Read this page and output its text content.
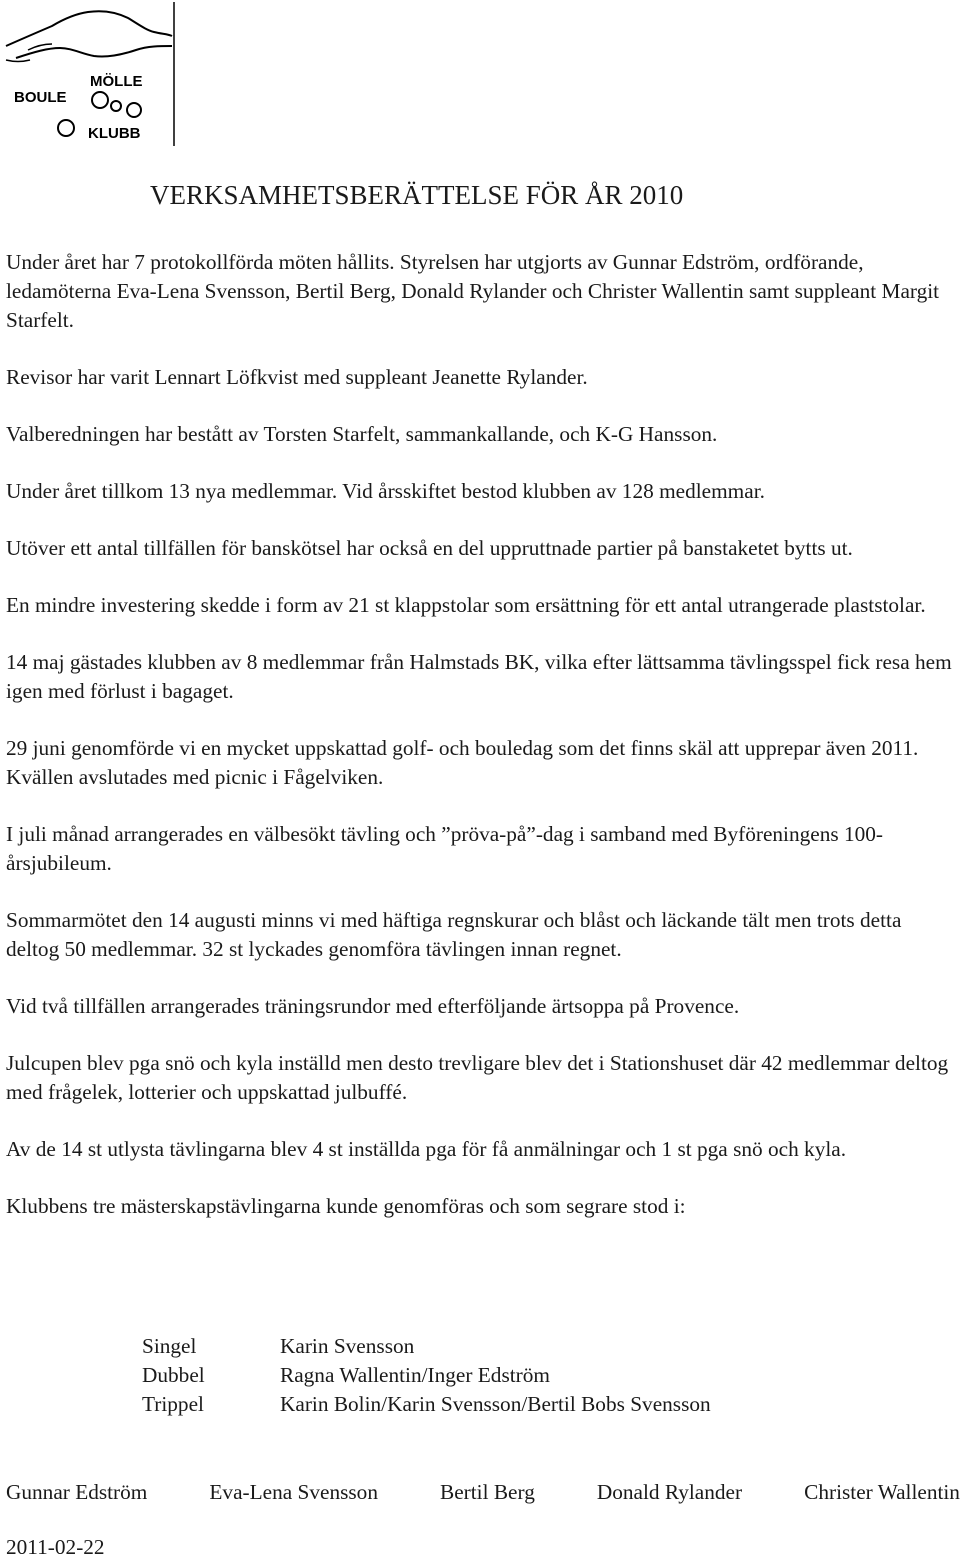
MÖLLE
BOULE
KLUBB
VERKSAMHETSBERÄTTELSE FÖR ÅR 2010

Under året har 7 protokollförda möten hållits. Styrelsen har utgjorts av Gunnar Edström, ordförande, ledamöterna Eva-Lena Svensson, Bertil Berg, Donald Rylander och Christer Wallentin samt suppleant Margit Starfelt.

Revisor har varit Lennart Löfkvist med suppleant Jeanette Rylander.

Valberedningen har bestått av Torsten Starfelt, sammankallande, och K-G Hansson.

Under året tillkom 13 nya medlemmar. Vid årsskiftet bestod klubben av 128 medlemmar.

Utöver ett antal tillfällen för banskötsel har också en del uppruttnade partier på banstaketet bytts ut.

En mindre investering skedde i form av 21 st klappstolar som ersättning för ett antal utrangerade plaststolar.

14 maj gästades klubben av 8 medlemmar från Halmstads BK, vilka efter lättsamma tävlingsspel fick resa hem igen med förlust i bagaget.

29 juni genomförde vi en mycket uppskattad golf- och bouledag som det finns skäl att upprepar även 2011. Kvällen avslutades med picnic i Fågelviken.

I juli månad arrangerades en välbesökt tävling och ”pröva-på”-dag i samband med Byföreningens 100-årsjubileum.

Sommarmötet den 14 augusti minns vi med häftiga regnskurar och blåst och läckande tält men trots detta deltog 50 medlemmar. 32 st lyckades genomföra tävlingen innan regnet.

Vid två tillfällen arrangerades träningsrundor med efterföljande ärtsoppa på Provence.

Julcupen blev pga snö och kyla inställd men desto trevligare blev det i Stationshuset där 42 medlemmar deltog med frågelek, lotterier och uppskattad julbuffé.

Av de 14 st utlysta tävlingarna blev 4 st inställda pga för få anmälningar och 1 st pga snö och kyla.

Klubbens tre mästerskapstävlingarna kunde genomföras och som segrare stod i:

Singel	Karin Svensson
Dubbel	Ragna Wallentin/Inger Edström
Trippel	Karin Bolin/Karin Svensson/Bertil Bobs Svensson
Gunnar Edström	Eva-Lena Svensson	Bertil Berg	Donald Rylander	Christer Wallentin
2011-02-22
